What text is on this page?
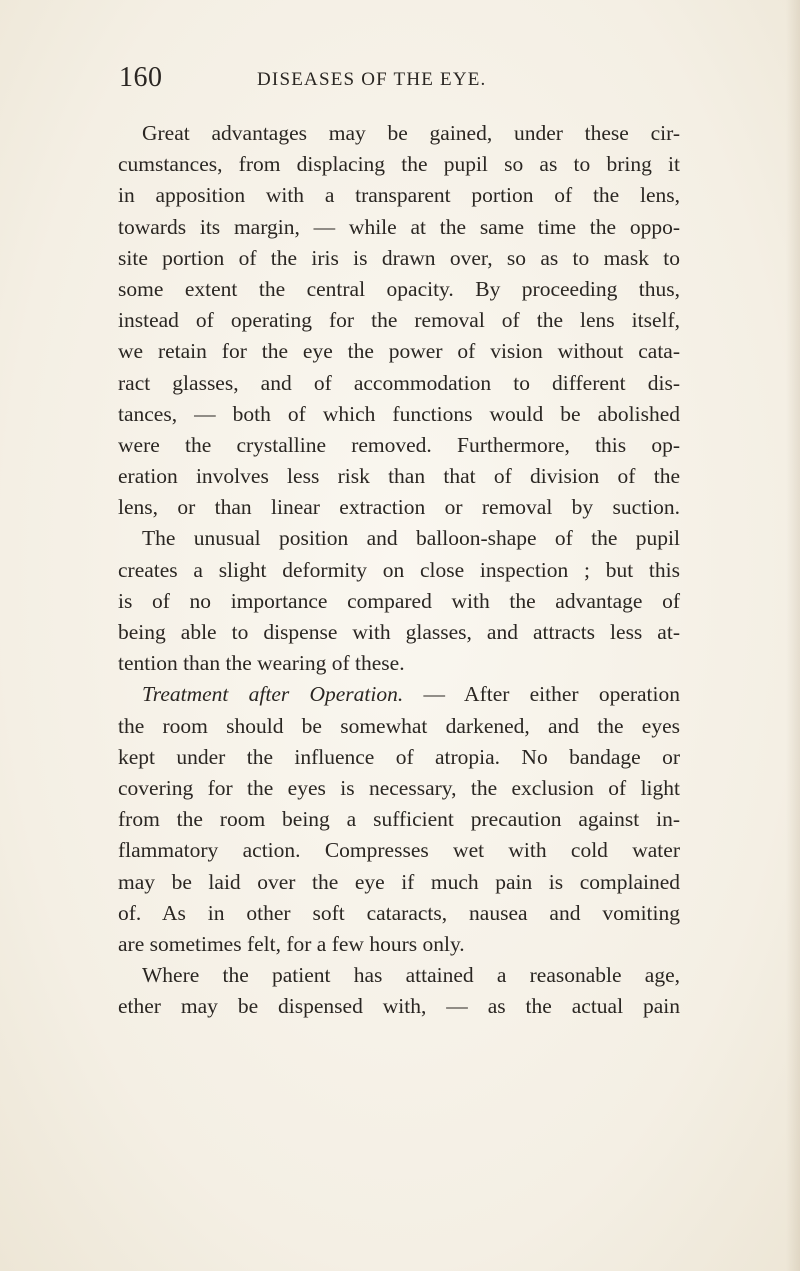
160	DISEASES OF THE EYE.
Great advantages may be gained, under these cir-
cumstances, from displacing the pupil so as to bring it
in apposition with a transparent portion of the lens,
towards its margin, — while at the same time the oppo-
site portion of the iris is drawn over, so as to mask to
some extent the central opacity. By proceeding thus,
instead of operating for the removal of the lens itself,
we retain for the eye the power of vision without cata-
ract glasses, and of accommodation to different dis-
tances, — both of which functions would be abolished
were the crystalline removed. Furthermore, this op-
eration involves less risk than that of division of the
lens, or than linear extraction or removal by suction.
The unusual position and balloon-shape of the pupil
creates a slight deformity on close inspection ; but this
is of no importance compared with the advantage of
being able to dispense with glasses, and attracts less at-
tention than the wearing of these.
Treatment after Operation. — After either operation
the room should be somewhat darkened, and the eyes
kept under the influence of atropia. No bandage or
covering for the eyes is necessary, the exclusion of light
from the room being a sufficient precaution against in-
flammatory action. Compresses wet with cold water
may be laid over the eye if much pain is complained
of. As in other soft cataracts, nausea and vomiting
are sometimes felt, for a few hours only.
Where the patient has attained a reasonable age,
ether may be dispensed with, — as the actual pain
